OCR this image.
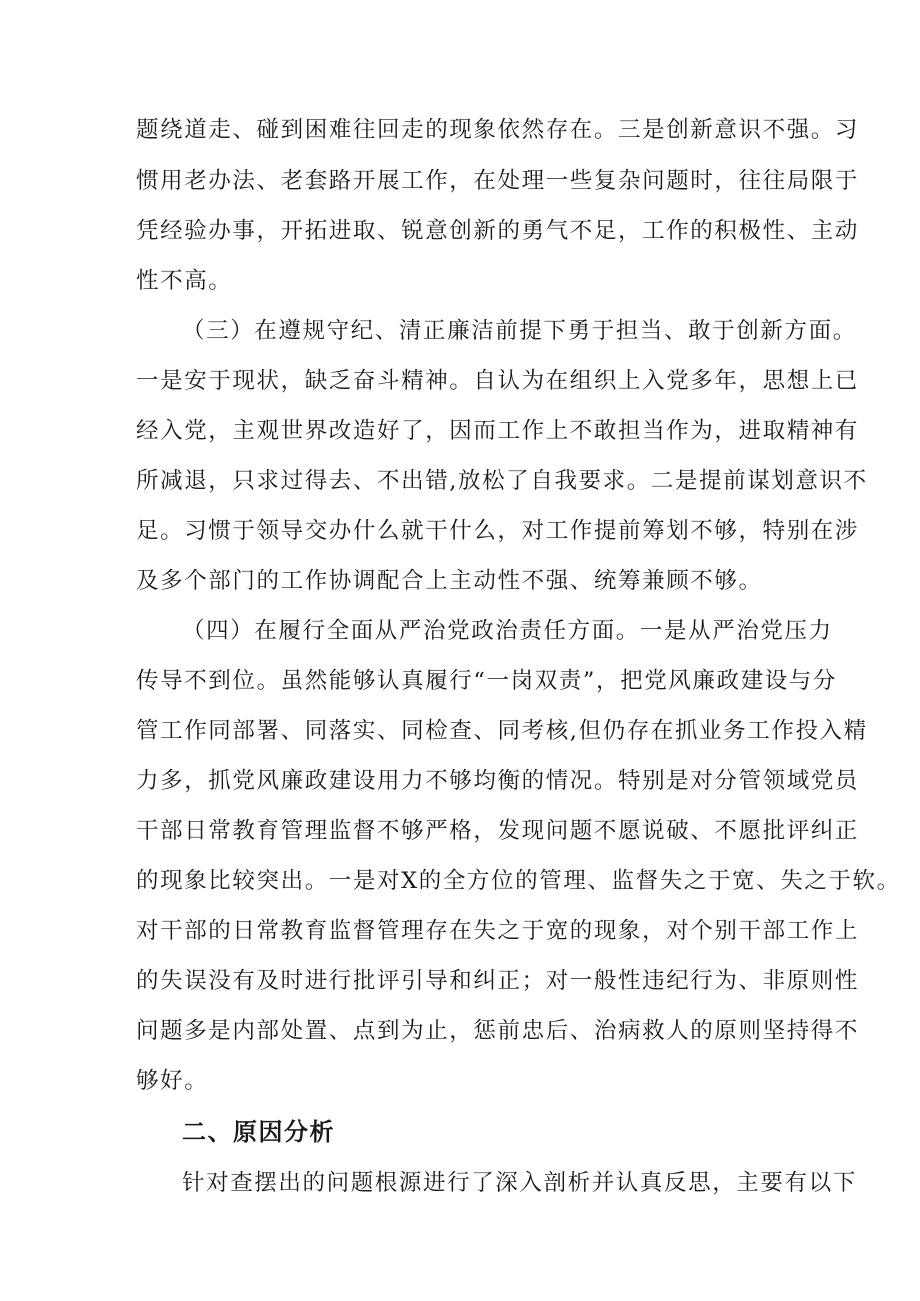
题绕道走、碰到困难往回走的现象依然存在。三是创新意识不强。习
惯用老办法、老套路开展工作，在处理一些复杂问题时，往往局限于
凭经验办事，开拓进取、锐意创新的勇气不足，工作的积极性、主动
性不高。
（三）在遵规守纪、清正廉洁前提下勇于担当、敢于创新方面。
一是安于现状，缺乏奋斗精神。自认为在组织上入党多年，思想上已
经入党，主观世界改造好了，因而工作上不敢担当作为，进取精神有
所减退，只求过得去、不出错,放松了自我要求。二是提前谋划意识不
足。习惯于领导交办什么就干什么，对工作提前筹划不够，特别在涉
及多个部门的工作协调配合上主动性不强、统筹兼顾不够。
（四）在履行全面从严治党政治责任方面。一是从严治党压力
传导不到位。虽然能够认真履行“一岗双责”，把党风廉政建设与分
管工作同部署、同落实、同检查、同考核,但仍存在抓业务工作投入精
力多，抓党风廉政建设用力不够均衡的情况。特别是对分管领域党员
干部日常教育管理监督不够严格，发现问题不愿说破、不愿批评纠正
的现象比较突出。一是对X的全方位的管理、监督失之于宽、失之于软。
对干部的日常教育监督管理存在失之于宽的现象，对个别干部工作上
的失误没有及时进行批评引导和纠正；对一般性违纪行为、非原则性
问题多是内部处置、点到为止，惩前忠后、治病救人的原则坚持得不
够好。
二、原因分析
针对查摆出的问题根源进行了深入剖析并认真反思，主要有以下
